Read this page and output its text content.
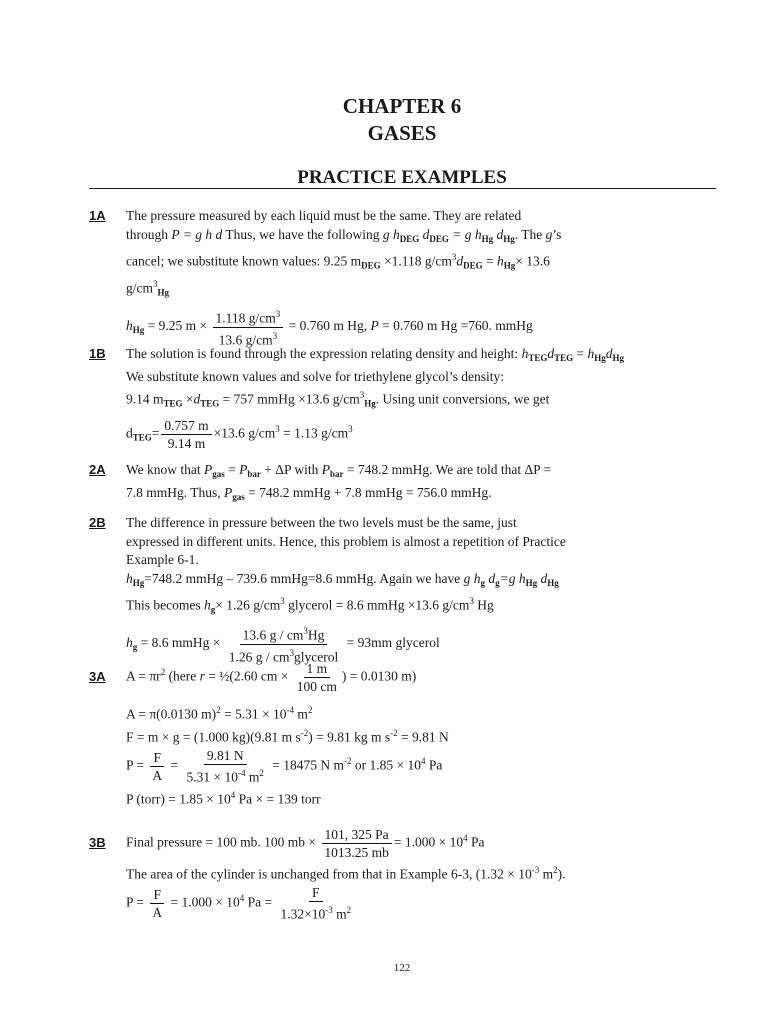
CHAPTER 6
GASES
PRACTICE EXAMPLES
1A The pressure measured by each liquid must be the same. They are related
through P = g h d Thus, we have the following g $h_{DEG}$ $d_{DEG} = g$ $h_{Hg}$ $d_{Hg}$. The g’s
cancel; we substitute known values: 9.25 $m_{DEG} \times 1.118$ $g/cm^3d_{DEG} = h_{Hg}\times 13.6$
$g/cm^3_{Hg}$
$h_{Hg} = 9.25$ $m \times \frac{1.118 g/cm^3}{13.6 g/cm^3} = 0.760$ m Hg, P = 0.760 m Hg =760. mmHg
1B The solution is found through the expression relating density and height: $h_{TEG}d_{TEG} = h_{Hg}d_{Hg}$
We substitute known values and solve for triethylene glycol’s density:
9.14 $m_{TEG} \times d_{TEG} = 757$ mmHg ×13.6 $g/cm^3_{Hg}$. Using unit conversions, we get
$d_{TEG}= \frac{0.757 m}{9.14 m} \times 13.6$ $g/cm^3 = 1.13$ $g/cm^3$
2A We know that $P_{gas} = P_{bar} + \Delta P$ with $P_{bar} = 748.2$ mmHg. We are told that ΔP =
7.8 mmHg. Thus, $P_{gas} = 748.2$ mmHg + 7.8 mmHg = 756.0 mmHg.
2B The difference in pressure between the two levels must be the same, just
expressed in different units. Hence, this problem is almost a repetition of Practice
Example 6-1.
$h_{Hg}=748.2$ mmHg – 739.6 mmHg=8.6 mmHg. Again we have g $h_g$ $d_g=g$ $h_{Hg}$ $d_{Hg}$
This becomes $h_g\times 1.26$ $g/cm^3$ glycerol = 8.6 mmHg ×13.6 $g/cm^3$ Hg
$h_g = 8.6$ mmHg × $\frac{13.6 g / cm^3Hg}{1.26 g / cm^3glycerol} = 93mm$ glycerol
3A $A = \pi r^2$ (here r = ½(2.60 cm × $\frac{1 m}{100 cm}$ ) = 0.0130 m)
A = π(0.0130 $m)^2 = 5.31 \times 10^{-4}$ $m^2$
F = m × g = (1.000 kg)(9.81 m $s^{-2}) = 9.81$ kg m $s^{-2} = 9.81$ N
$P = \frac{F}{A} = \frac{9.81 N}{5.31 \times 10^{-4} m^2} = 18475$ N $m^{-2}$ or $1.85 \times 10^4$ Pa
P (torr) = $1.85 \times 10^4$ Pa × = 139 torr
3B Final pressure = 100 mb. 100 mb × $\frac{101, 325 Pa}{1013.25 mb} = 1.000 \times 10^4$ Pa
The area of the cylinder is unchanged from that in Example 6-3, ($1.32 \times 10^{-3}$ $m^2$).
$P = \frac{F}{A} = 1.000 \times 10^4$ $Pa = \frac{F}{1.32\times 10^{-3} m^2}$
122
